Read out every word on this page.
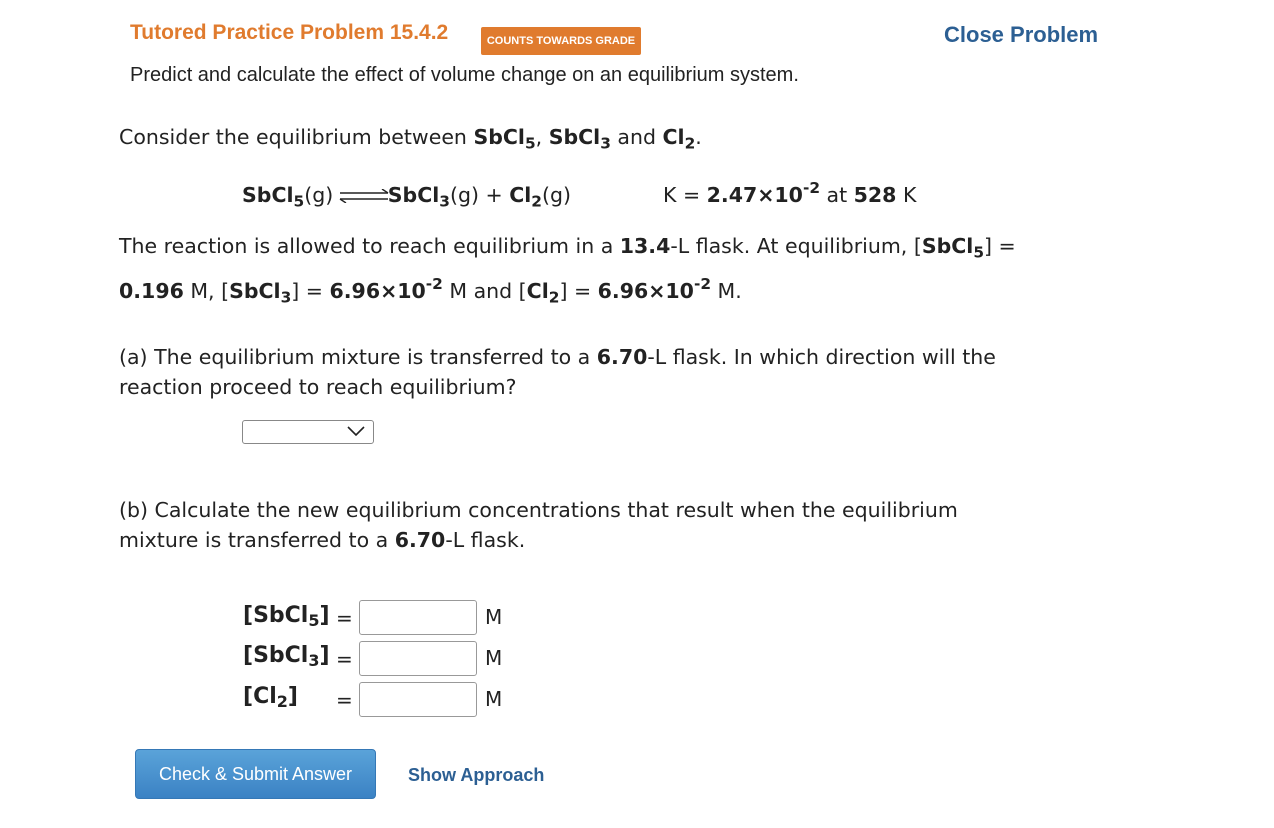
Tutored Practice Problem 15.4.2	COUNTS TOWARDS GRADE	Close Problem
Predict and calculate the effect of volume change on an equilibrium system.
Consider the equilibrium between SbCl$_5$, SbCl$_3$ and $Cl_2$.
SbCl$_5$(g) ⇌SbCl$_3$(g) + $Cl_2(g)$	$K = 2.47\times 10^{-2}$ at 528 K
The reaction is allowed to reach equilibrium in a 13.4-L flask. At equilibrium, [SbCl$_5$] =
0.196 M, [SbCl$_3$] = $6.96\times 10^{-2}$ M and $[Cl_2] = 6.96\times 10^{-2}$ M.
(a) The equilibrium mixture is transferred to a 6.70-L flask. In which direction will the
reaction proceed to reach equilibrium?
(b) Calculate the new equilibrium concentrations that result when the equilibrium
mixture is transferred to a 6.70-L flask.
[SbCl5] =	M
[SbCl3] =	M
[Cl2] =	M
Check & Submit Answer	Show Approach
